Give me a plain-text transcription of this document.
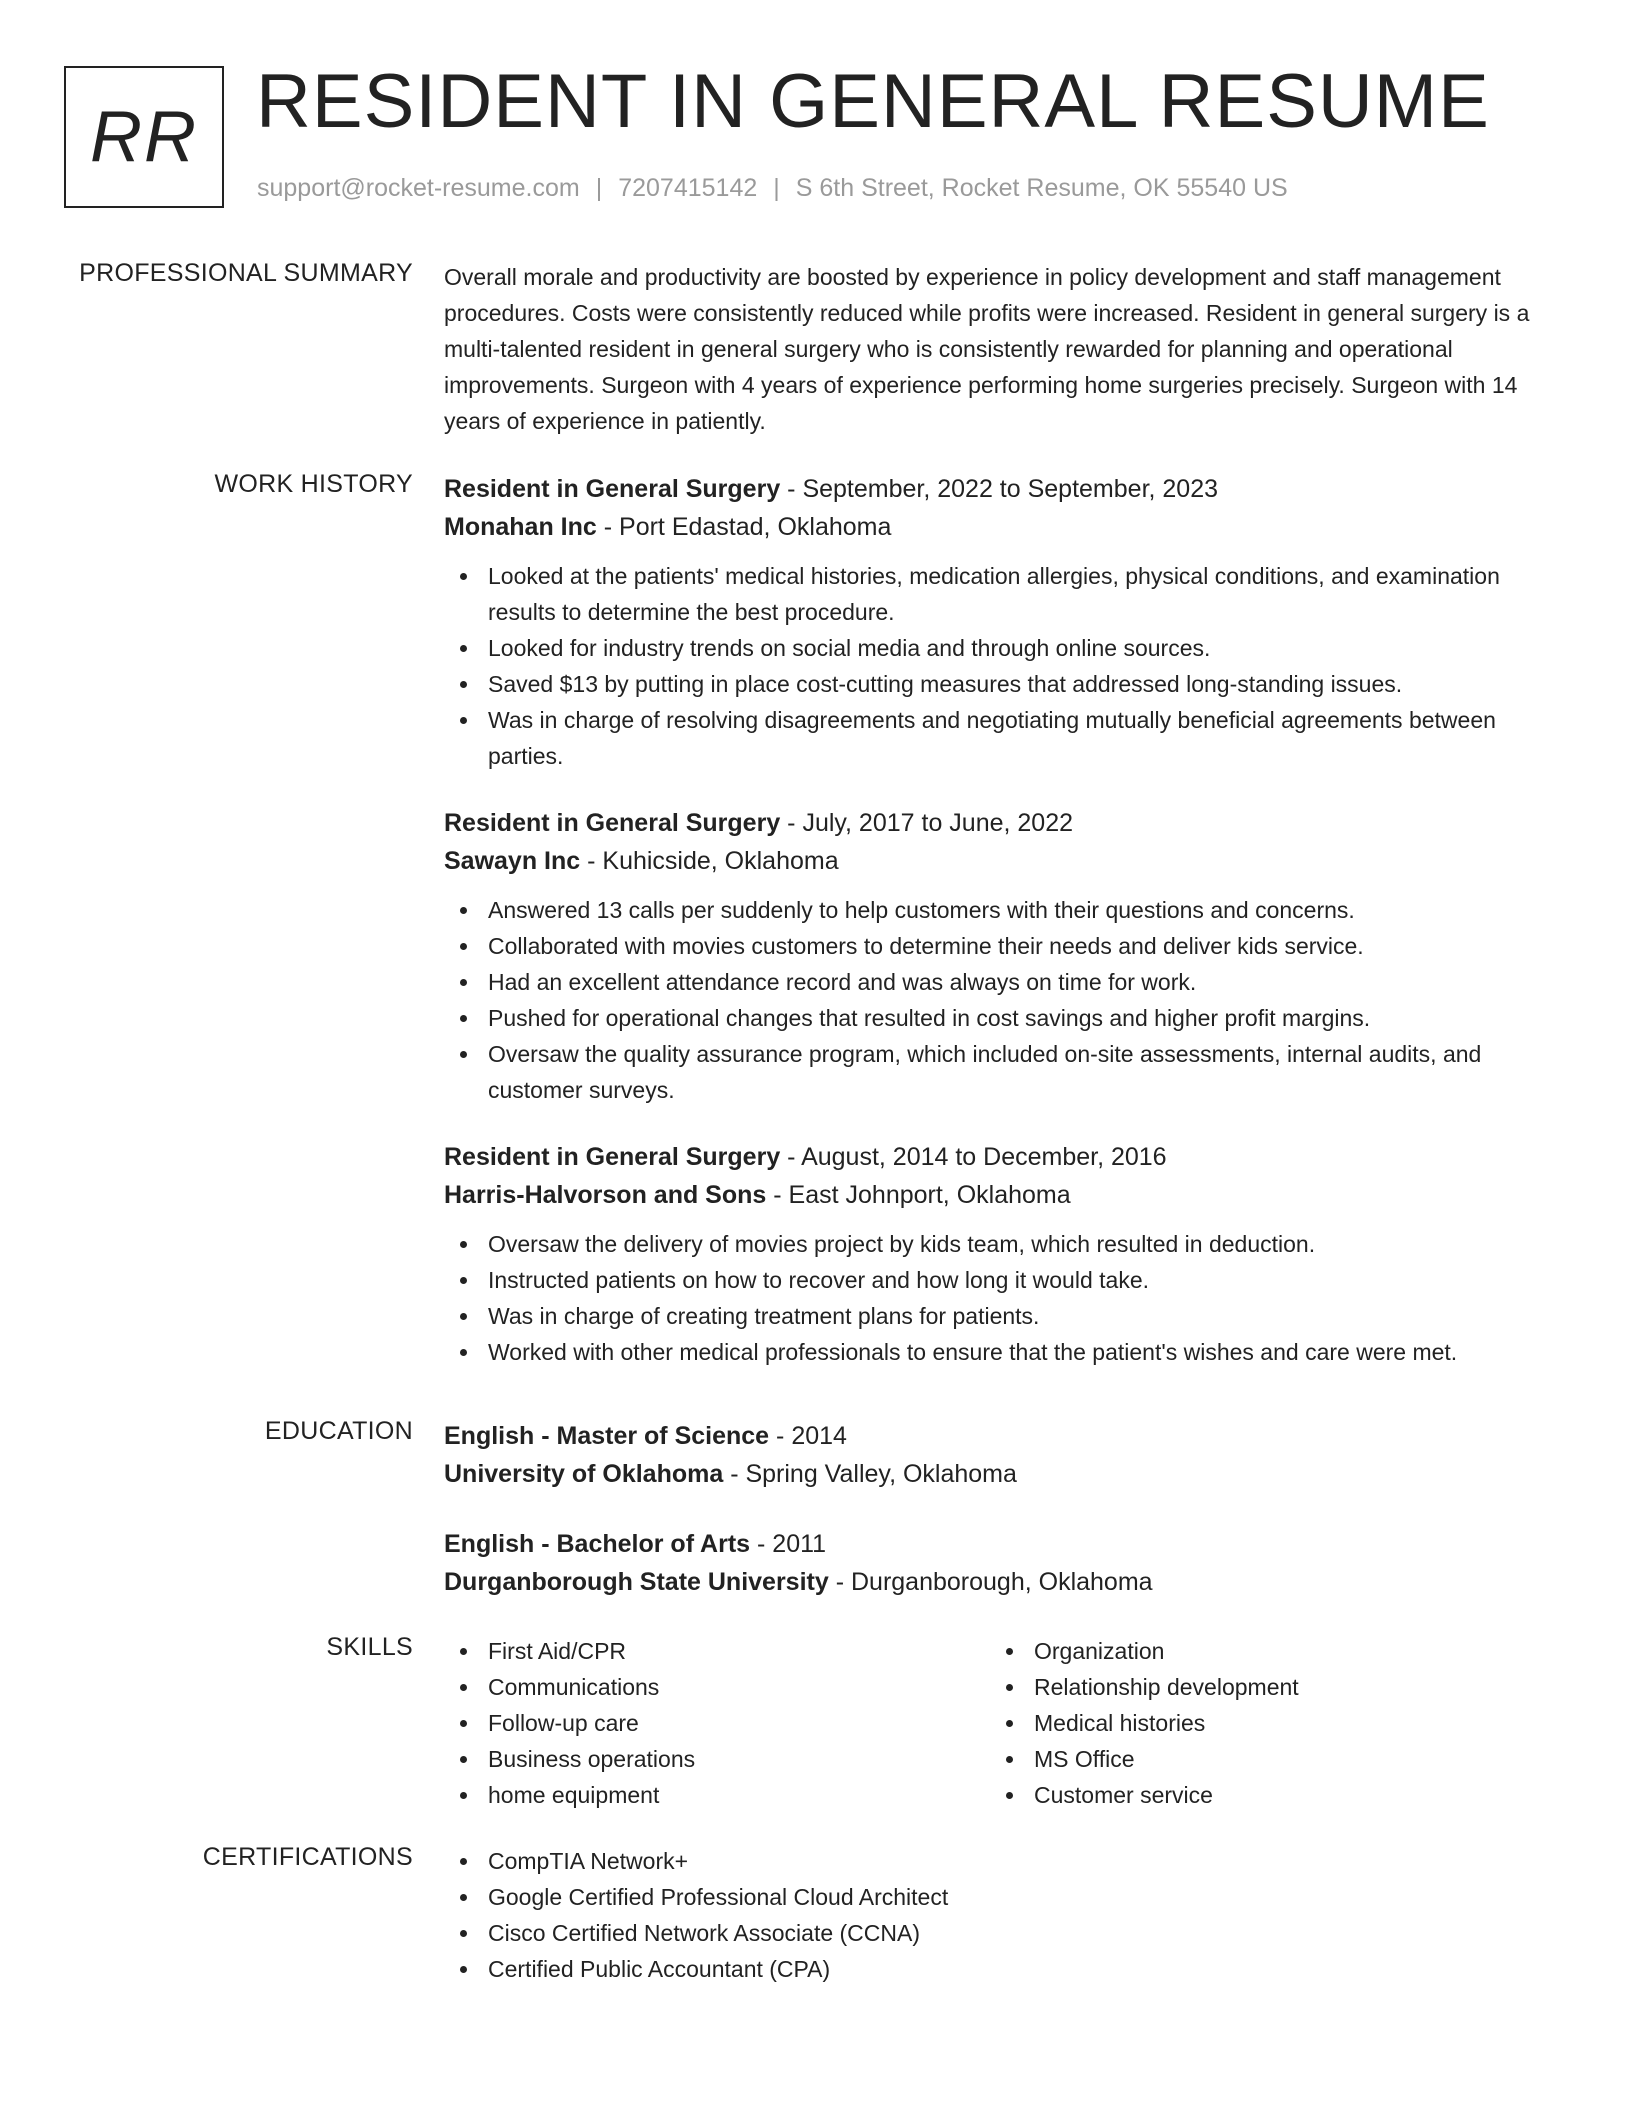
RR RESIDENT IN GENERAL RESUME
support@rocket-resume.com | 7207415142 | S 6th Street, Rocket Resume, OK 55540 US
PROFESSIONAL SUMMARY Overall morale and productivity are boosted by experience in policy development and staff management procedures. Costs were consistently reduced while profits were increased. Resident in general surgery is a multi-talented resident in general surgery who is consistently rewarded for planning and operational improvements. Surgeon with 4 years of experience performing home surgeries precisely. Surgeon with 14 years of experience in patiently.

WORK HISTORY Resident in General Surgery - September, 2022 to September, 2023
Monahan Inc - Port Edastad, Oklahoma
Looked at the patients' medical histories, medication allergies, physical conditions, and examination results to determine the best procedure.
Looked for industry trends on social media and through online sources.
Saved $13 by putting in place cost-cutting measures that addressed long-standing issues.
Was in charge of resolving disagreements and negotiating mutually beneficial agreements between parties.
Resident in General Surgery - July, 2017 to June, 2022
Sawayn Inc - Kuhicside, Oklahoma
Answered 13 calls per suddenly to help customers with their questions and concerns.
Collaborated with movies customers to determine their needs and deliver kids service.
Had an excellent attendance record and was always on time for work.
Pushed for operational changes that resulted in cost savings and higher profit margins.
Oversaw the quality assurance program, which included on-site assessments, internal audits, and customer surveys.
Resident in General Surgery - August, 2014 to December, 2016
Harris-Halvorson and Sons - East Johnport, Oklahoma
Oversaw the delivery of movies project by kids team, which resulted in deduction.
Instructed patients on how to recover and how long it would take.
Was in charge of creating treatment plans for patients.
Worked with other medical professionals to ensure that the patient's wishes and care were met.
EDUCATION English - Master of Science - 2014
University of Oklahoma - Spring Valley, Oklahoma
English - Bachelor of Arts - 2011
Durganborough State University - Durganborough, Oklahoma
SKILLS	First Aid/CPR
Communications
Follow-up care
Business operations
home equipment
Organization
Relationship development
Medical histories
MS Office
Customer service
CERTIFICATIONS	CompTIA Network+
Google Certified Professional Cloud Architect
Cisco Certified Network Associate (CCNA)
Certified Public Accountant (CPA)
